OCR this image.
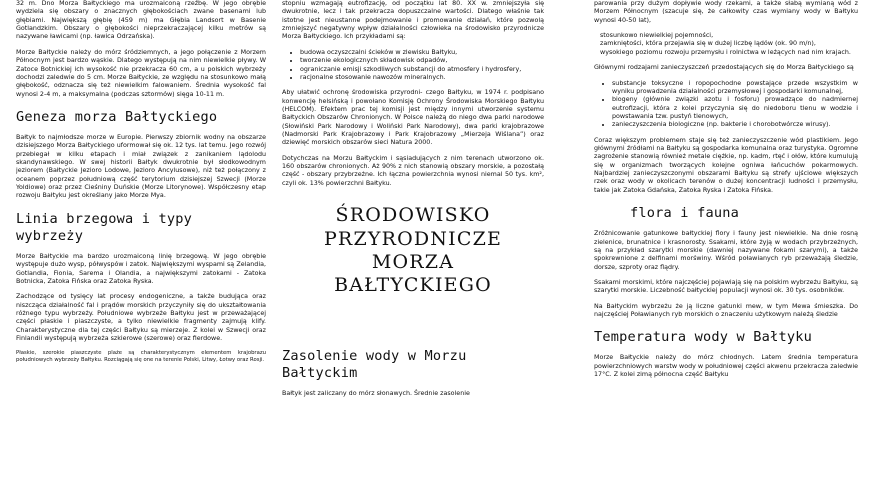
32 m. Dno Morza Bałtyckiego ma urozmaiconą rzeźbę. W jego obrębie wydziela się obszary o znacznych głębokościach zwane basenami lub głębiami. Największą głębię (459 m) ma Głębia Landsort w Basenie Gotlandzkim. Obszary o głębokości nieprzekraczającej kilku metrów są nazywane ławicami (np. ławica Odrzańska).

Morze Bałtyckie należy do mórz śródziemnych, a jego połączenie z Morzem Północnym jest bardzo wąskie. Dlatego występują na nim niewielkie pływy. W Zatoce Botnickiej ich wysokość nie przekracza 60 cm, a u polskich wybrzeży dochodzi zaledwie do 5 cm. Morze Bałtyckie, ze względu na stosunkowo małą głębokość, odznacza się też niewielkim falowaniem. Średnia wysokość fal wynosi 2-4 m, a maksymalna (podczas sztormów) sięga 10-11 m.

Geneza morza Bałtyckiego

Bałtyk to najmłodsze morze w Europie. Pierwszy zbiornik wodny na obszarze dzisiejszego Morza Bałtyckiego uformował się ok. 12 tys. lat temu. Jego rozwój przebiegał w kilku etapach i miał związek z zanikaniem lądolodu skandynawskiego. W swej historii Bałtyk dwukrotnie był słodkowodnym jeziorem (Bałtyckie Jezioro Lodowe, Jezioro Ancylusowe), niż też połączony z oceanem poprzez południową część terytorium dzisiejszej Szwecji (Morze Yoldiowe) oraz przez Cieśniny Duńskie (Morze Litorynowe). Współczesny etap rozwoju Bałtyku jest określany jako Morze Mya.

Linia brzegowa i typy wybrzeży

Morze Bałtyckie ma bardzo urozmaiconą linię brzegową. W jego obrębie występuje dużo wysp, półwyspów i zatok. Największymi wyspami są Zelandia, Gotlandia, Fionia, Sarema i Olandia, a największymi zatokami - Zatoka Botnicka, Zatoka Fińska oraz Zatoka Ryska.

Zachodzące od tysięcy lat procesy endogeniczne, a także budująca oraz niszcząca działalność fal i prądów morskich przyczyniły się do ukształtowania różnego typu wybrzeży. Południowe wybrzeże Bałtyku jest w przeważającej części płaskie i piaszczyste, a tylko niewielkie fragmenty zajmują klify. Charakterystyczne dla tej części Bałtyku są mierzeje. Z kolei w Szwecji oraz Finlandii występują wybrzeża szkierowe (szerowe) oraz fierdowe.

Płaskie, szerokie piaszczyste plaże są charakterystycznym elementem krajobrazu południowych wybrzeży Bałtyku. Rozciągają się one na terenie Polski, Litwy, Łotwy oraz Rosji.

stopniu wzmagają eutrofizację, od początku lat 80. XX w. zmniejszyła się dwukrotnie, lecz i tak przekracza dopuszczalne wartości. Dlatego właśnie tak istotne jest nieustanne podejmowanie i promowanie działań, które pozwolą zmniejszyć negatywny wpływ działalności człowieka na środowisko przyrodnicze Morza Bałtyckiego. Ich przykładami są:

• budowa oczyszczalni ścieków w zlewisku Bałtyku,
• tworzenie ekologicznych składowisk odpadów,
• ograniczanie emisji szkodliwych substancji do atmosfery i hydrosfery,
• racjonalne stosowanie nawozów mineralnych.

Aby ułatwić ochronę środowiska przyrodni- czego Bałtyku, w 1974 r. podpisano konwencję helsińską i powołano Komisję Ochrony Środowiska Morskiego Bałtyku (HELCOM). Efektem prac tej komisji jest między innymi utworzenie systemu Bałtyckich Obszarów Chronionych. W Polsce należą do niego dwa parki narodowe (Słowiński Park Narodowy i Woliński Park Narodowy), dwa parki krajobrazowe (Nadmorski Park Krajobrazowy i Park Krajobrazowy „Mierzeja Wiślana”) oraz dziewięć morskich obszarów sieci Natura 2000.

Dotychczas na Morzu Bałtyckim i sąsiadujących z nim terenach utworzono ok. 160 obszarów chronionych. Aż 90% z nich stanowią obszary morskie, a pozostałą część - obszary przybrzeżne. Ich łączna powierzchnia wynosi niemal 50 tys. km², czyli ok. 13% powierzchni Bałtyku.

ŚRODOWISKO
PRZYRODNICZE
MORZA
BAŁTYCKIEGO
Zasolenie wody w Morzu Bałtyckim

Bałtyk jest zaliczany do mórz słonawych. Średnie zasolenie

parowania przy dużym dopływie wody rzekami, a także słabą wymianą wód z Morzem Północnym (szacuje się, że całkowity czas wymiany wody w Bałtyku wynosi 40-50 lat),

stosunkowo niewielkiej pojemności,
zamkniętości, która przejawia się w dużej liczbę lądów (ok. 90 m/n),
wysokiego poziomu rozwoju przemysłu i rolnictwa w leżących nad nim krajach.

Głównymi rodzajami zanieczyszczeń przedostających się do Morza Bałtyckiego są

• substancje toksyczne i ropopochodne powstające przede wszystkim w wyniku prowadzenia działalności przemysłowej i gospodarki komunalnej,
• biogeny (głównie związki azotu i fosforu) prowadzące do nadmiernej eutrofizacji, która z kolei przyczynia się do niedoboru tlenu w wodzie i powstawania tzw. pustyń tlenowych,
• zanieczyszczenia biologiczne (np. bakterie i chorobotwórcze wirusy).

Coraz większym problemem staje się też zanieczyszczenie wód plastikiem. Jego głównymi źródłami na Bałtyku są gospodarka komunalna oraz turystyka. Ogromne zagrożenie stanowią również metale ciężkie, np. kadm, rtęć i ołów, które kumulują się w organizmach tworzących kolejne ogniwa łańcuchów pokarmowych. Najbardziej zanieczyszczonymi obszarami Bałtyku są strefy ujściowe większych rzek oraz wody w okolicach terenów o dużej koncentracji ludności i przemysłu, takie jak Zatoka Gdańska, Zatoka Ryska i Zatoka Fińska.

flora i fauna

Zróżnicowanie gatunkowe bałtyckiej flory i fauny jest niewielkie. Na dnie rosną zielenice, brunatnice i krasnorosty. Ssakami, które żyją w wodach przybrzeżnych, są na przykład szarytki morskie (dawniej nazywane fokami szarymi), a także spokrewnione z delfinami morświny. Wśród poławianych ryb przeważają śledzie, dorsze, szproty oraz flądry.

Ssakami morskimi, które najczęściej pojawiają się na polskim wybrzeżu Bałtyku, są szarytki morskie. Liczebność bałtyckiej populacji wynosi ok. 30 tys. osobników.

Na Bałtyckim wybrzeżu że ją liczne gatunki mew, w tym Mewa śmieszka. Do najczęściej Poławianych ryb morskich o znaczeniu użytkowym należą śledzie

Temperatura wody w Bałtyku

Morze Bałtyckie należy do mórz chłodnych. Latem średnia temperatura powierzchniowych warstw wody w południowej części akwenu przekracza zaledwie 17°C. Z kolei zimą północna część Bałtyku
